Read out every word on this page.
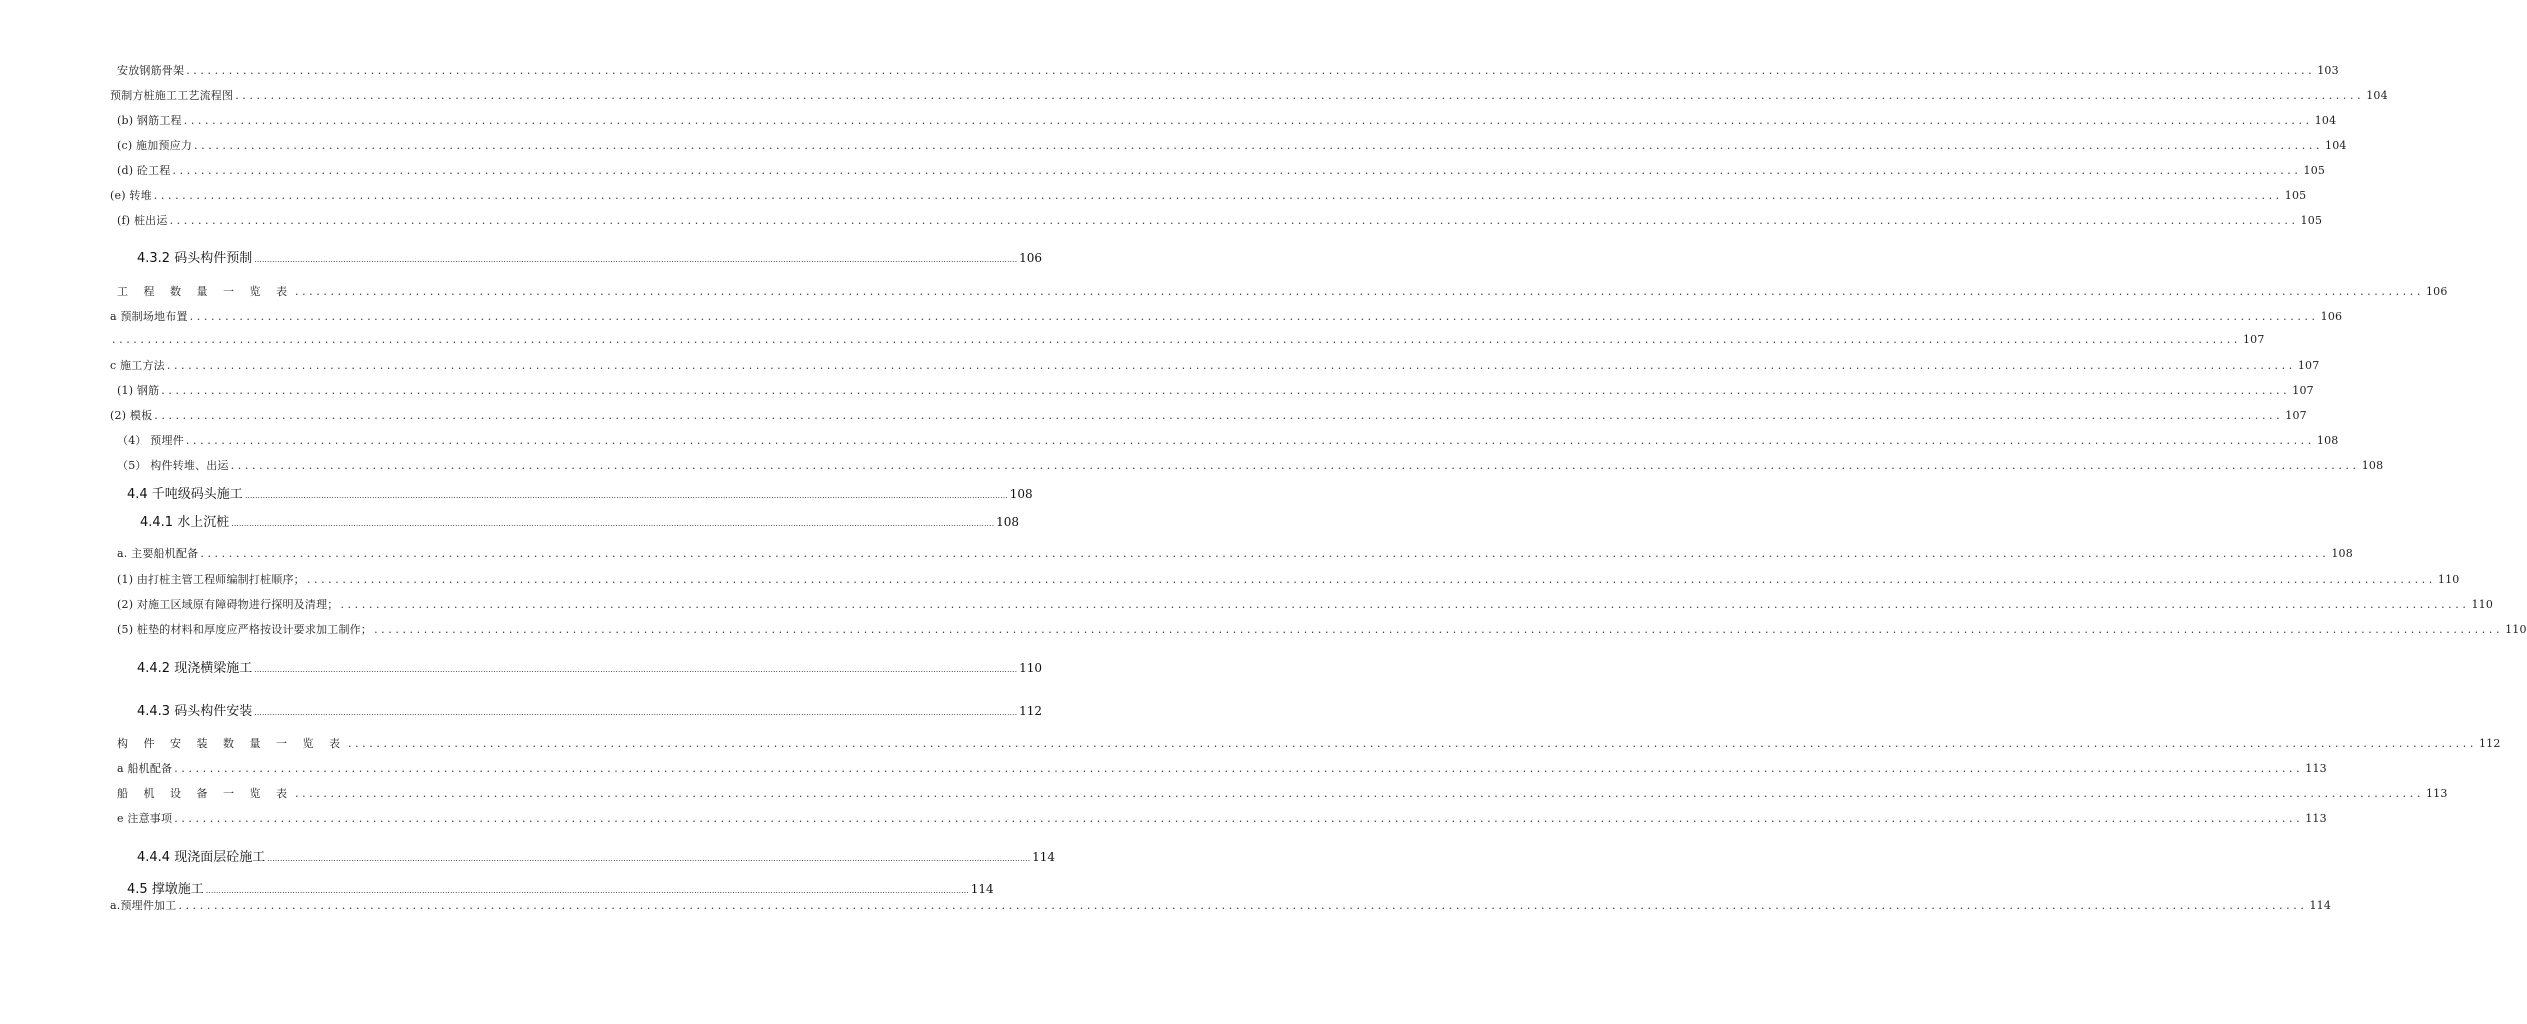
安放钢筋骨架 ............................................................................................................................................................................................................................................................................................................ 103
预制方桩施工工艺流程图 ............................................................................................................................................................................................................................................................................................................ 104
(b) 钢筋工程 ............................................................................................................................................................................................................................................................................................................ 104
(c) 施加预应力 ............................................................................................................................................................................................................................................................................................................ 104
(d) 砼工程 ............................................................................................................................................................................................................................................................................................................ 105
(e) 转堆 ............................................................................................................................................................................................................................................................................................................ 105
(f) 桩出运 ............................................................................................................................................................................................................................................................................................................ 105
4.3.2 码头构件预制 ............................................................................................................................................................................................................................................................................................................ 106
工 程 数 量 一 览 表 ............................................................................................................................................................................................................................................................................................................ 106
a 预制场地布置 ............................................................................................................................................................................................................................................................................................................ 106
............................................................................................................................................................................................................................................................................................................ 107
c 施工方法 ............................................................................................................................................................................................................................................................................................................ 107
(1) 钢筋 ............................................................................................................................................................................................................................................................................................................ 107
(2) 模板 ............................................................................................................................................................................................................................................................................................................ 107
（4） 预埋件 ............................................................................................................................................................................................................................................................................................................ 108
（5） 构件转堆、出运 ............................................................................................................................................................................................................................................................................................................ 108
4.4 千吨级码头施工 ............................................................................................................................................................................................................................................................................................................ 108
4.4.1 水上沉桩 ............................................................................................................................................................................................................................................................................................................ 108
a. 主要船机配备 ............................................................................................................................................................................................................................................................................................................ 108
(1) 由打桩主管工程师编制打桩顺序； ............................................................................................................................................................................................................................................................................................................ 110
(2) 对施工区域原有障碍物进行探明及清理； ............................................................................................................................................................................................................................................................................................................ 110
(5) 桩垫的材料和厚度应严格按设计要求加工制作； ............................................................................................................................................................................................................................................................................................................ 110
4.4.2 现浇横梁施工 ............................................................................................................................................................................................................................................................................................................ 110
4.4.3 码头构件安装 ............................................................................................................................................................................................................................................................................................................ 112
构 件 安 装 数 量 一 览 表 ............................................................................................................................................................................................................................................................................................................ 112
a 船机配备 ............................................................................................................................................................................................................................................................................................................ 113
船 机 设 备 一 览 表 ............................................................................................................................................................................................................................................................................................................ 113
e 注意事项 ............................................................................................................................................................................................................................................................................................................ 113
4.4.4 现浇面层砼施工 ............................................................................................................................................................................................................................................................................................................ 114
4.5 撑墩施工 ............................................................................................................................................................................................................................................................................................................ 114
a.预埋件加工 ............................................................................................................................................................................................................................................................................................................ 114
